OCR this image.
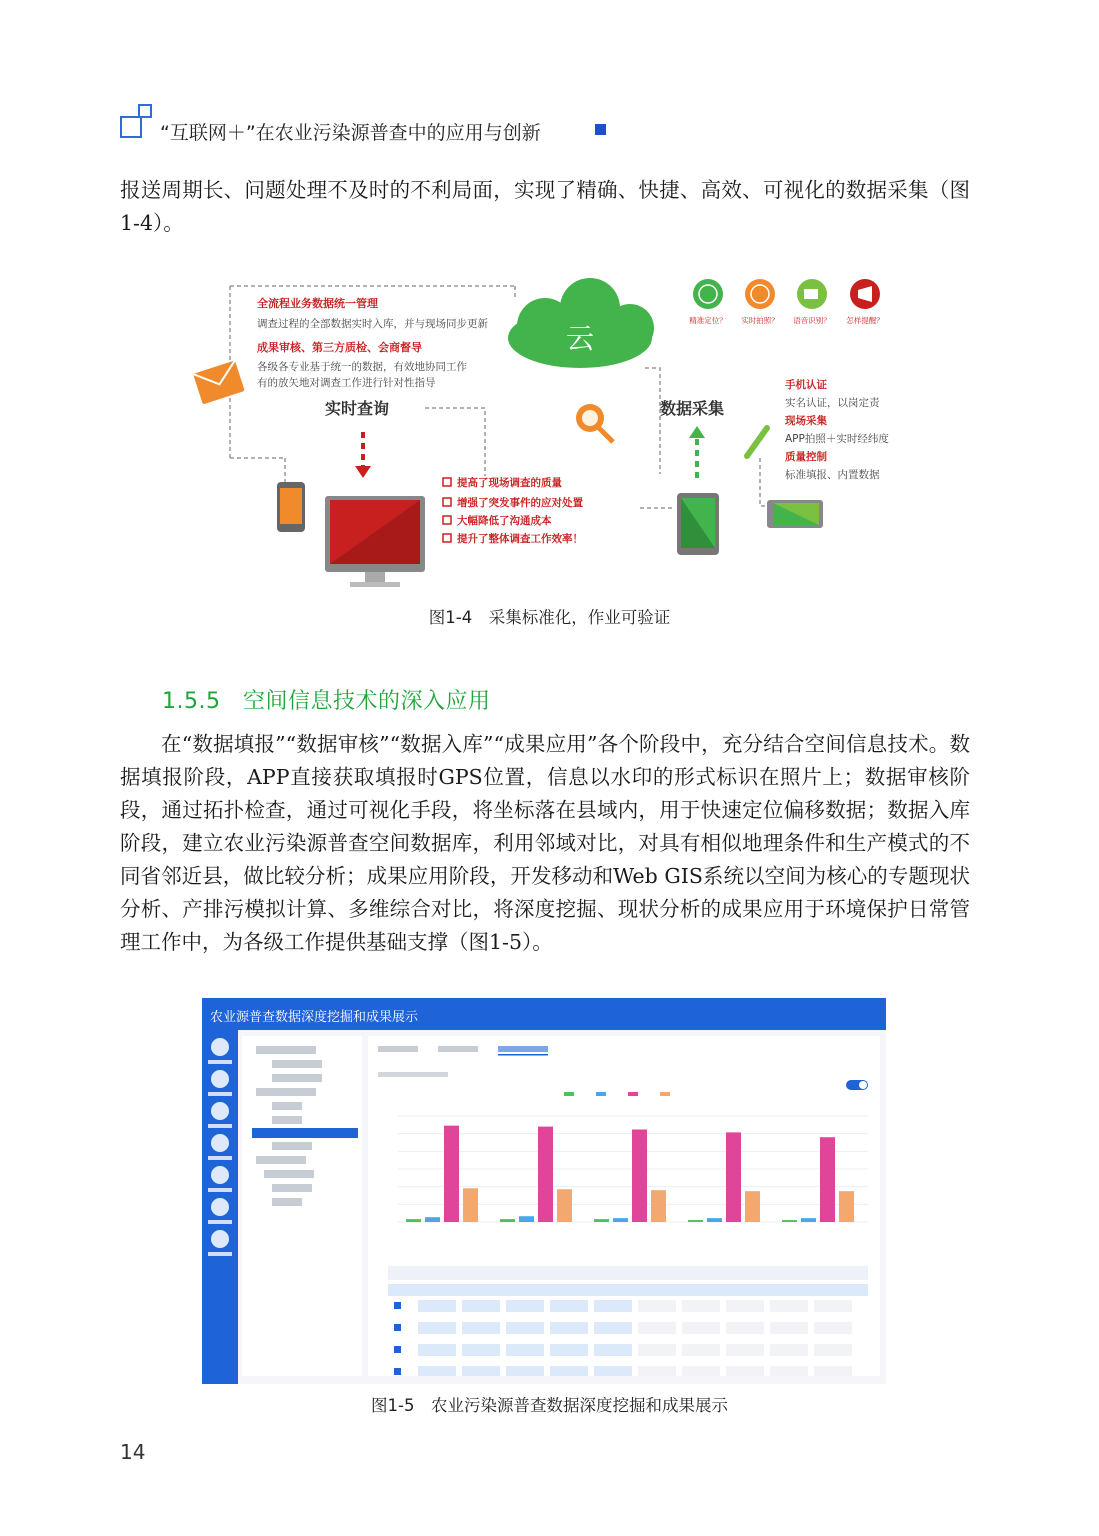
“互联网＋”在农业污染源普查中的应用与创新
报送周期长、问题处理不及时的不利局面，实现了精确、快捷、高效、可视化的数据采集（图1-4）。
全流程业务数据统一管理
调查过程的全部数据实时入库，并与现场同步更新
成果审核、第三方质检、会商督导
各级各专业基于统一的数据，有效地协同工作
有的放矢地对调查工作进行针对性指导
实时查询
云
精准定位？ 实时拍照？ 语音识别？ 怎样提醒？
数据采集
手机认证
实名认证，以岗定责
现场采集
APP拍照＋实时经纬度
质量控制
标准填报、内置数据
提高了现场调查的质量
增强了突发事件的应对处置
大幅降低了沟通成本
提升了整体调查工作效率！
图1-4　采集标准化，作业可验证
1.5.5 空间信息技术的深入应用
在“数据填报”“数据审核”“数据入库”“成果应用”各个阶段中，充分结合空间信息技术。数据填报阶段，APP直接获取填报时GPS位置，信息以水印的形式标识在照片上；数据审核阶段，通过拓扑检查，通过可视化手段，将坐标落在县域内，用于快速定位偏移数据；数据入库阶段，建立农业污染源普查空间数据库，利用邻域对比，对具有相似地理条件和生产模式的不同省邻近县，做比较分析；成果应用阶段，开发移动和Web GIS系统以空间为核心的专题现状分析、产排污模拟计算、多维综合对比，将深度挖掘、现状分析的成果应用于环境保护日常管理工作中，为各级工作提供基础支撑（图1-5）。
农业源普查数据深度挖掘和成果展示
图1-5　农业污染源普查数据深度挖掘和成果展示
14
